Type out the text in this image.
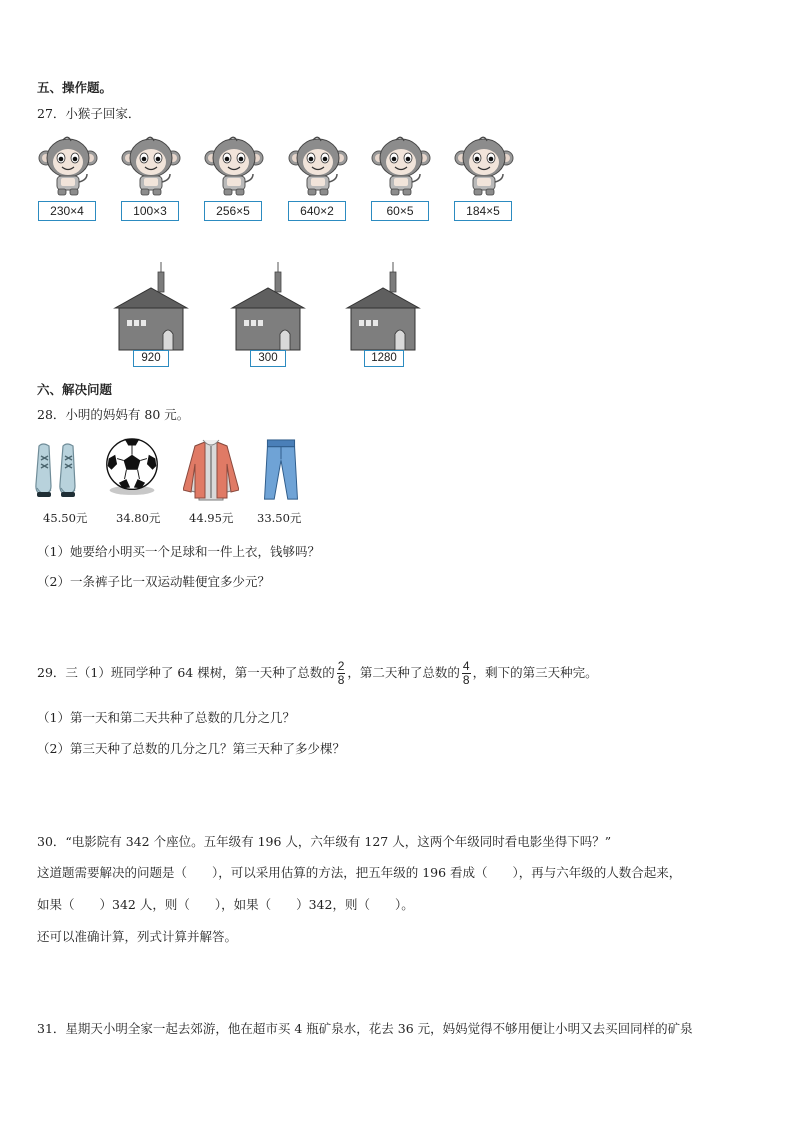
五、操作题。
27．小猴子回家．
230×4	100×3	256×5	640×2	60×5	184×5
920	300	1280
六、解决问题
28．小明的妈妈有 80 元。
45.50元 34.80元 44.95元 33.50元
（1）她要给小明买一个足球和一件上衣，钱够吗？
（2）一条裤子比一双运动鞋便宜多少元？
29．三（1）班同学种了 64 棵树，第一天种了总数的 $\frac{2}{8}$ ，第二天种了总数的 $\frac{4}{8}$ ，剩下的第三天种完。
（1）第一天和第二天共种了总数的几分之几？
（2）第三天种了总数的几分之几？第三天种了多少棵？
30．“电影院有 342 个座位。五年级有 196 人，六年级有 127 人，这两个年级同时看电影坐得下吗？”
这道题需要解决的问题是（　　），可以采用估算的方法，把五年级的 196 看成（　　），再与六年级的人数合起来，
如果（　　）342 人，则（　　），如果（　　）342，则（　　）。
还可以准确计算，列式计算并解答。
31．星期天小明全家一起去郊游，他在超市买 4 瓶矿泉水，花去 36 元，妈妈觉得不够用便让小明又去买回同样的矿泉
